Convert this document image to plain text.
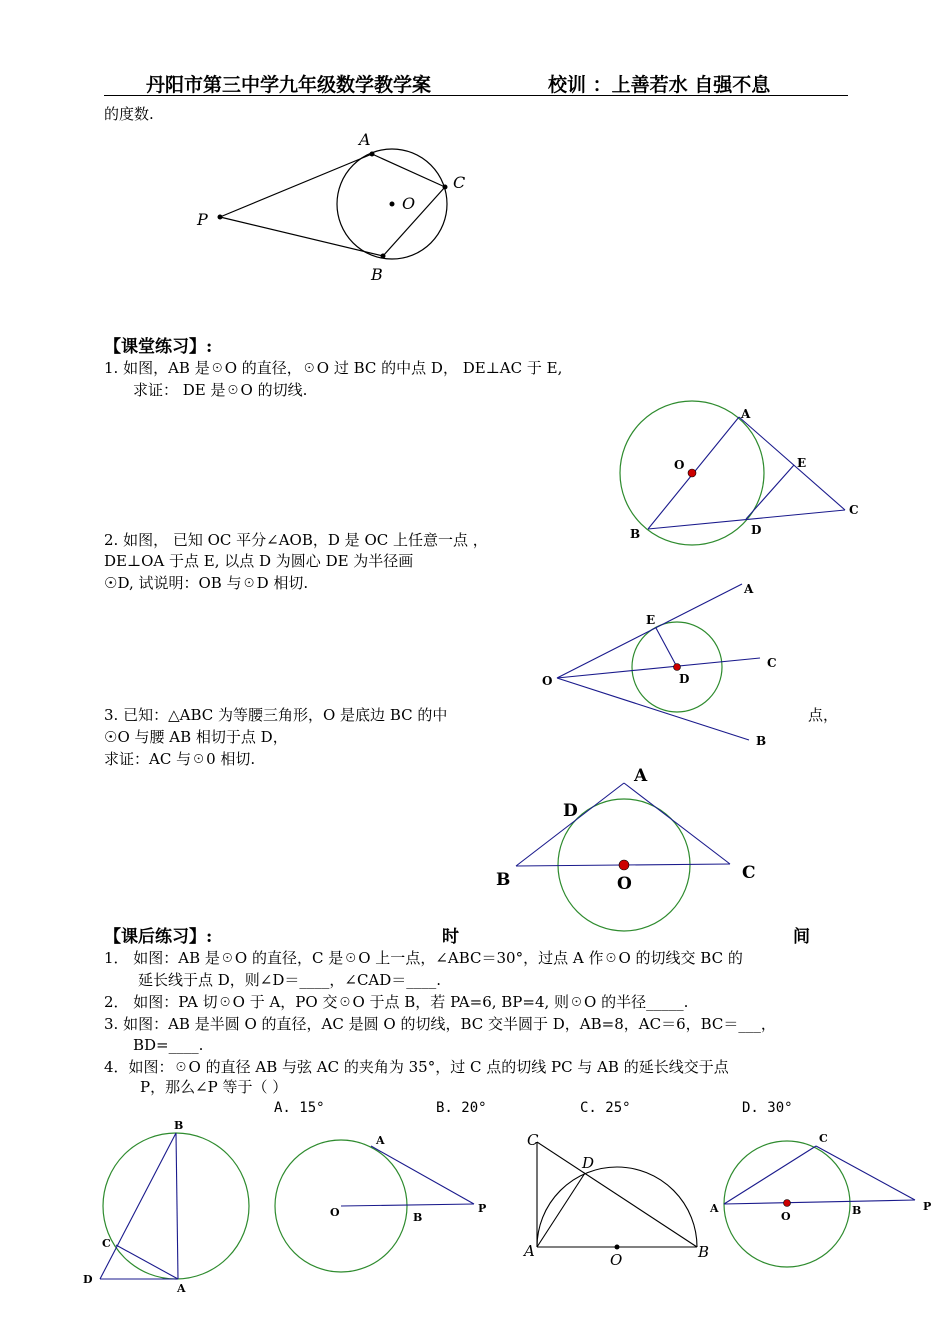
丹阳市第三中学九年级数学教学案	校训 ：上善若水 自强不息
的度数.
【课堂练习】:
1. 如图，AB 是☉O 的直径，☉O 过 BC 的中点 D， DE⊥AC 于 E,
求证： DE 是☉O 的切线.
2. 如图， 已知 OC 平分∠AOB，D 是 OC 上任意一点 ，
DE⊥OA 于点 E, 以点 D 为圆心 DE 为半径画
☉D, 试说明：OB 与☉D 相切.
3. 已知：△ABC 为等腰三角形，O 是底边 BC 的中	点，
☉O 与腰 AB 相切于点 D，
求证：AC 与☉0 相切.
【课后练习】:	时	间
1． 如图：AB 是☉O 的直径，C 是☉O 上一点，∠ABC＝30°，过点 A 作☉O 的切线交 BC 的
延长线于点 D，则∠D＝____，∠CAD＝____.
2． 如图：PA 切☉O 于 A，PO 交☉O 于点 B，若 PA=6, BP=4, 则☉O 的半径_____.
3. 如图：AB 是半圆 O 的直径，AC 是圆 O 的切线，BC 交半圆于 D，AB=8，AC＝6，BC＝___，
BD=____.
4．如图：☉O 的直径 AB 与弦 AC 的夹角为 35°，过 C 点的切线 PC 与 AB 的延长线交于点
P，那么∠P 等于（ ）
A. 15°	B. 20°	C. 25°	D. 30°
A
C
O
P
B
A
E
O
C
B	D
A
E
C
O	D
B
A
D
B	C
O
B
C
D
A
A
O	B
P
C
D
A	B
O
C
A
O	B	P
